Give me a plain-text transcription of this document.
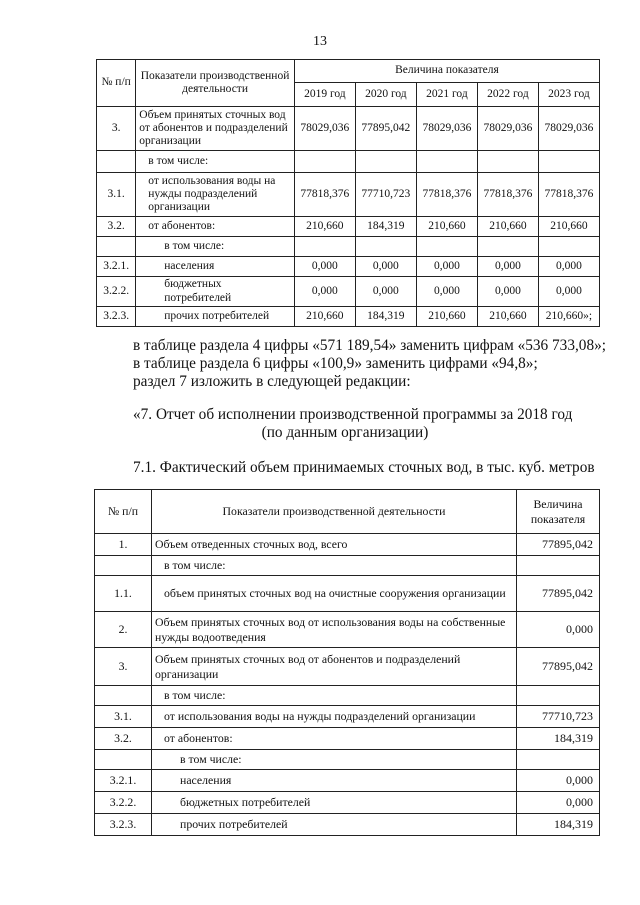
13
№ п/п	Показатели производственной деятельности	Величина показателя				
		2019 год	2020 год	2021 год	2022 год	2023 год
3.	Объем принятых сточных вод от абонентов и подразделений организации	78029,036	77895,042	78029,036	78029,036	78029,036
	в том числе:					
3.1.	от использования воды на нужды подразделений организации	77818,376	77710,723	77818,376	77818,376	77818,376
3.2.	от абонентов:	210,660	184,319	210,660	210,660	210,660
	в том числе:					
3.2.1.	населения	0,000	0,000	0,000	0,000	0,000
3.2.2.	бюджетных потребителей	0,000	0,000	0,000	0,000	0,000
3.2.3.	прочих потребителей	210,660	184,319	210,660	210,660	210,660»;
в таблице раздела 4 цифры «571 189,54» заменить цифрам «536 733,08»;
в таблице раздела 6 цифры «100,9» заменить цифрами «94,8»;
раздел 7 изложить в следующей редакции:
«7. Отчет об исполнении производственной программы за 2018 год
(по данным организации)
7.1. Фактический объем принимаемых сточных вод, в тыс. куб. метров
№ п/п	Показатели производственной деятельности	Величина показателя
1.	Объем отведенных сточных вод, всего	77895,042
	в том числе:	
1.1.	объем принятых сточных вод на очистные сооружения организации	77895,042
2.	Объем принятых сточных вод от использования воды на собственные нужды водоотведения	0,000
3.	Объем принятых сточных вод от абонентов и подразделений организации	77895,042
	в том числе:	
3.1.	от использования воды на нужды подразделений организации	77710,723
3.2.	от абонентов:	184,319
	в том числе:	
3.2.1.	населения	0,000
3.2.2.	бюджетных потребителей	0,000
3.2.3.	прочих потребителей	184,319
